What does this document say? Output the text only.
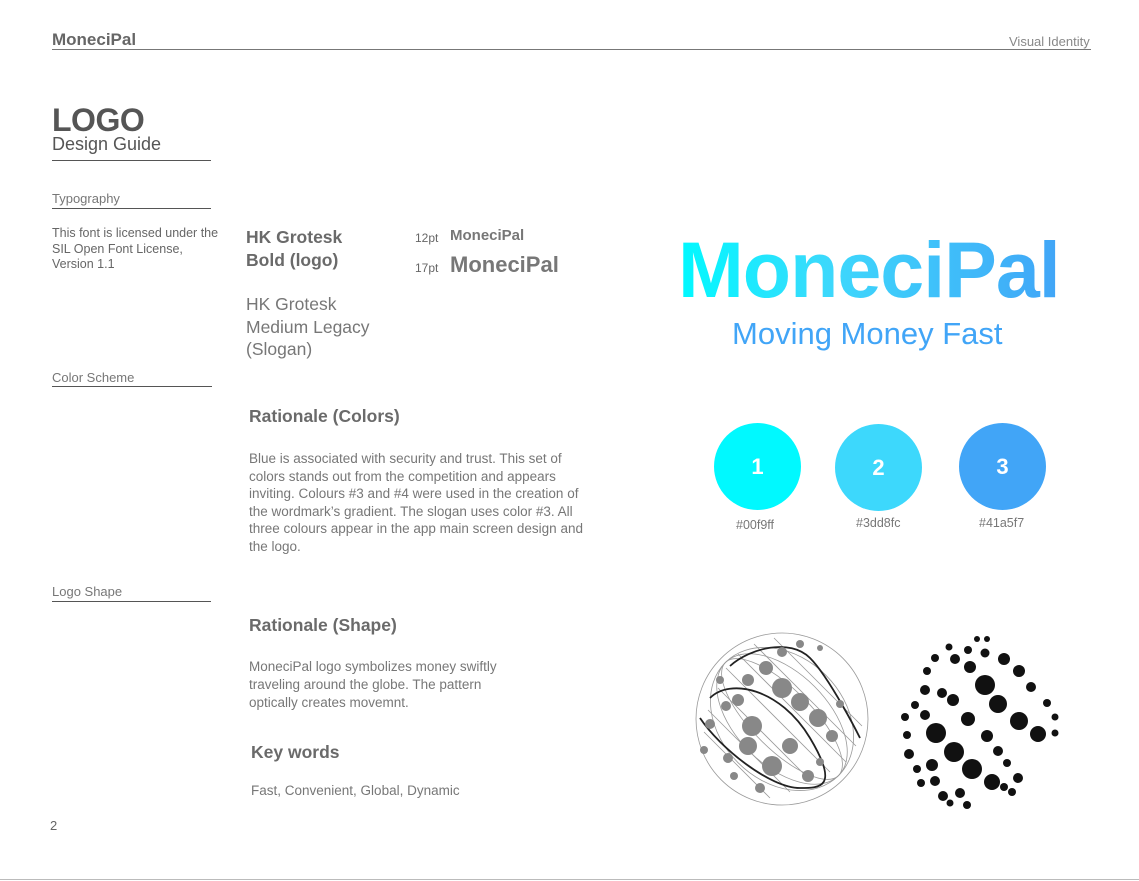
MoneciPal	Visual Identity
LOGO
Design Guide
Typography
This font is licensed under the SIL Open Font License, Version 1.1
Color Scheme
Logo Shape
HK Grotesk
Bold (logo)
HK Grotesk
Medium Legacy
(Slogan)
12pt MoneciPal
17pt MoneciPal MoneciPal
Moving Money Fast
Rationale (Colors)
Blue is associated with security and trust. This set of colors stands out from the competition and appears inviting. Colours #3 and #4 were used in the creation of the wordmark’s gradient. The slogan uses color #3. All three colours appear in the app main screen design and the logo.
1
#00f9ff
2
#3dd8fc
3
#41a5f7
Rationale (Shape)
MoneciPal logo symbolizes money swiftly traveling around the globe. The pattern optically creates movemnt.
Key words
Fast, Convenient, Global, Dynamic
2
